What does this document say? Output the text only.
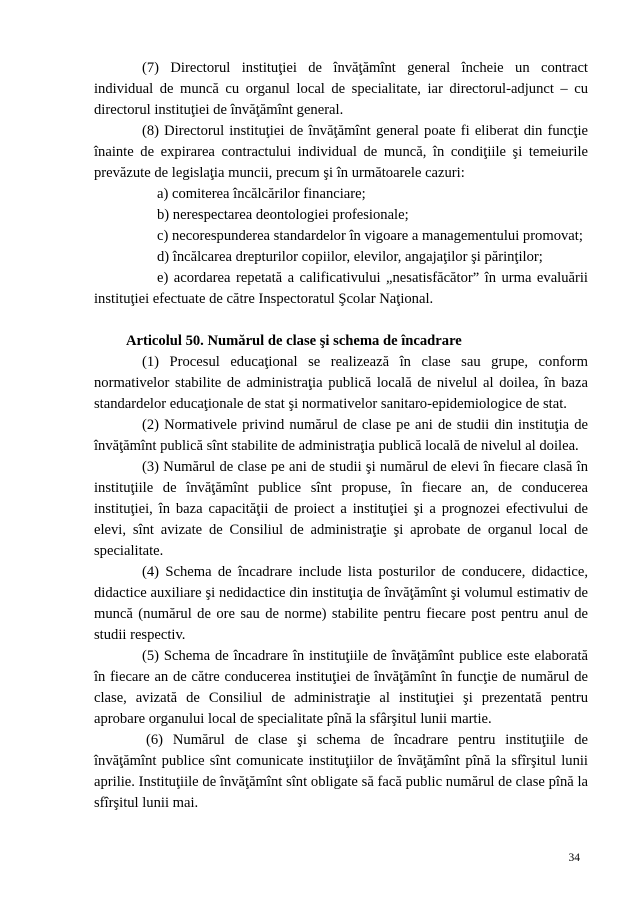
(7) Directorul instituţiei de învăţămînt general încheie un contract individual de muncă cu organul local de specialitate, iar directorul-adjunct – cu directorul instituţiei de învăţămînt general.

(8) Directorul instituţiei de învăţămînt general poate fi eliberat din funcţie înainte de expirarea contractului individual de muncă, în condiţiile şi temeiurile prevăzute de legislaţia muncii, precum şi în următoarele cazuri:

a) comiterea încălcărilor financiare;

b) nerespectarea deontologiei profesionale;

c) necorespunderea standardelor în vigoare a managementului promovat;

d) încălcarea drepturilor copiilor, elevilor, angajaţilor şi părinţilor;

e) acordarea repetată a calificativului „nesatisfăcător” în urma evaluării instituţiei efectuate de către Inspectoratul Şcolar Naţional.

Articolul 50. Numărul de clase şi schema de încadrare

(1) Procesul educaţional se realizează în clase sau grupe, conform normativelor stabilite de administraţia publică locală de nivelul al doilea, în baza standardelor educaţionale de stat şi normativelor sanitaro-epidemiologice de stat.

(2) Normativele privind numărul de clase pe ani de studii din instituţia de învăţămînt publică sînt stabilite de administraţia publică locală de nivelul al doilea.

(3) Numărul de clase pe ani de studii şi numărul de elevi în fiecare clasă în instituţiile de învăţămînt publice sînt propuse, în fiecare an, de conducerea instituţiei, în baza capacităţii de proiect a instituţiei şi a prognozei efectivului de elevi, sînt avizate de Consiliul de administraţie şi aprobate de organul local de specialitate.

(4) Schema de încadrare include lista posturilor de conducere, didactice, didactice auxiliare şi nedidactice din instituţia de învăţămînt şi volumul estimativ de muncă (numărul de ore sau de norme) stabilite pentru fiecare post pentru anul de studii respectiv.

(5) Schema de încadrare în instituţiile de învăţămînt publice este elaborată în fiecare an de către conducerea instituţiei de învăţămînt în funcţie de numărul de clase, avizată de Consiliul de administraţie al instituţiei şi prezentată pentru aprobare organului local de specialitate pînă la sfârşitul lunii martie.

(6) Numărul de clase şi schema de încadrare pentru instituţiile de învăţămînt publice sînt comunicate instituţiilor de învăţămînt pînă la sfîrşitul lunii aprilie. Instituţiile de învăţămînt sînt obligate să facă public numărul de clase pînă la sfîrşitul lunii mai.

34
